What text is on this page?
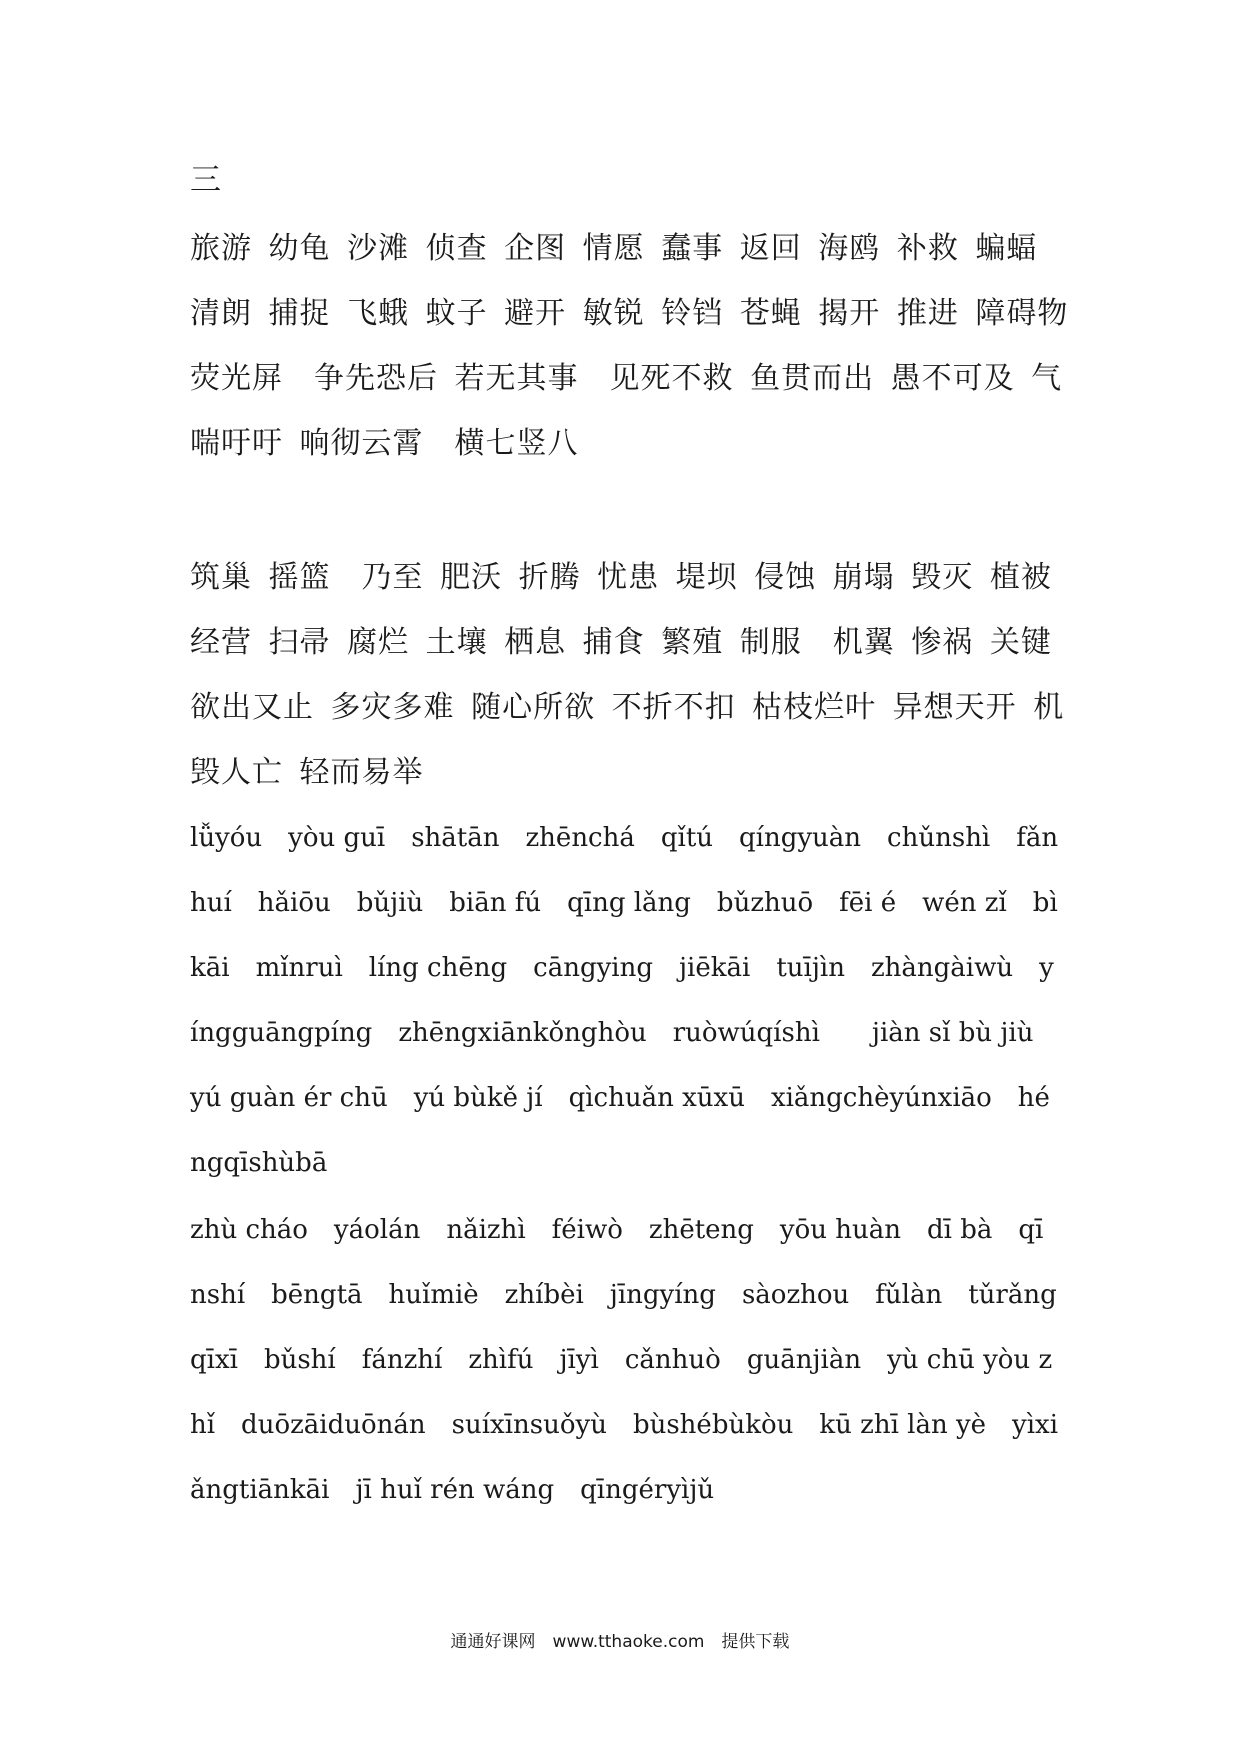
三

旅游 幼龟 沙滩 侦查 企图 情愿 蠢事 返回 海鸥 补救 蝙蝠 清朗 捕捉 飞蛾 蚊子 避开 敏锐 铃铛 苍蝇 揭开 推进 障碍物 荧光屏　争先恐后 若无其事　见死不救 鱼贯而出 愚不可及 气喘吁吁 响彻云霄　横七竖八

筑巢 摇篮　乃至 肥沃 折腾 忧患 堤坝 侵蚀 崩塌 毁灭 植被 经营 扫帚 腐烂 土壤 栖息 捕食 繁殖 制服　机翼 惨祸 关键 欲出又止 多灾多难 随心所欲 不折不扣 枯枝烂叶 异想天开 机毁人亡 轻而易举

lǚyóu　yòu guī　shātān　zhēnchá　qǐtú　qíngyuàn　chǔnshì　fǎnhuí　hǎiōu　bǔjiù　biān fú　qīng lǎng　bǔzhuō　fēi é　wén zǐ　bìkāi　mǐnruì　líng chēng　cāngying　jiēkāi　tuījìn　zhàngàiwù　yíngguāngpíng　zhēngxiānkǒnghòu　ruòwúqíshì　　jiàn sǐ bù jiù　yú guàn ér chū　yú bùkě jí　qìchuǎn xūxū　xiǎngchèyúnxiāo　héngqīshùbā

zhù cháo　yáolán　nǎizhì　féiwò　zhēteng　yōu huàn　dī bà　qīnshí　bēngtā　huǐmiè　zhíbèi　jīngyíng　sàozhou　fǔlàn　tǔrǎng　qīxī　bǔshí　fánzhí　zhìfú　jīyì　cǎnhuò　guānjiàn　yù chū yòu zhǐ　duōzāiduōnán　suíxīnsuǒyù　bùshébùkòu　kū zhī làn yè　yìxiǎngtiānkāi　jī huǐ rén wáng　qīngéryìjǔ

通通好课网　www.tthaoke.com　提供下载
